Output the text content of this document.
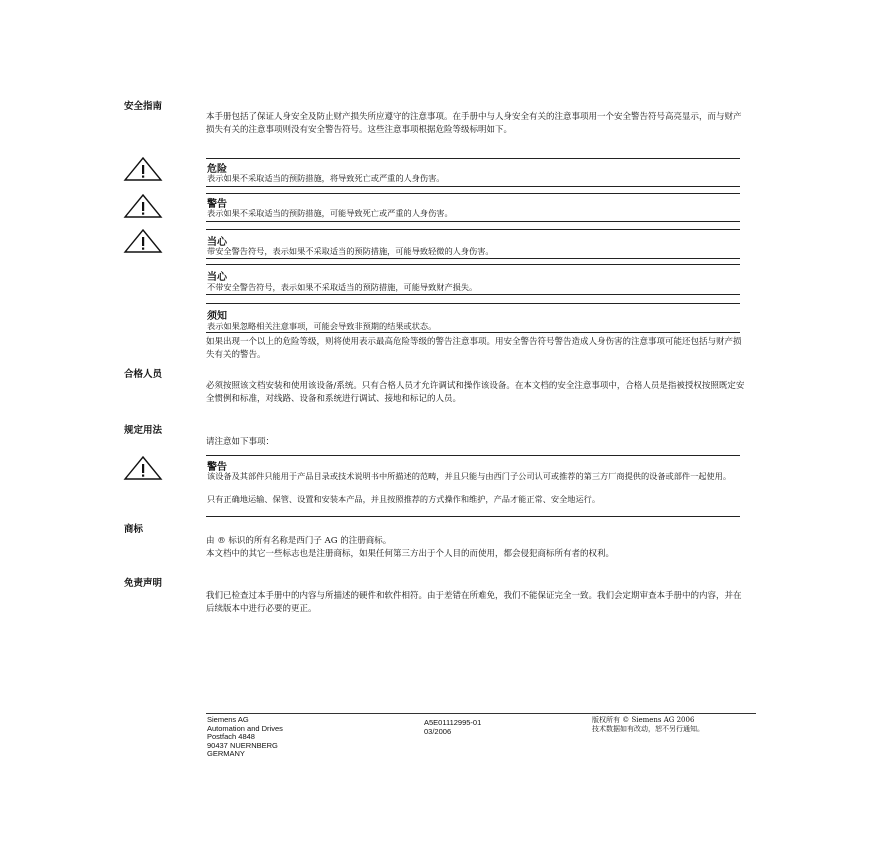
安全指南
本手册包括了保证人身安全及防止财产损失所应遵守的注意事项。在手册中与人身安全有关的注意事项用一个安全警告符号高亮显示，而与财产损失有关的注意事项则没有安全警告符号。这些注意事项根据危险等级标明如下。
危险
表示如果不采取适当的预防措施，将导致死亡或严重的人身伤害。
警告
表示如果不采取适当的预防措施，可能导致死亡或严重的人身伤害。
当心
带安全警告符号，表示如果不采取适当的预防措施，可能导致轻微的人身伤害。
当心
不带安全警告符号，表示如果不采取适当的预防措施，可能导致财产损失。
须知
表示如果忽略相关注意事项，可能会导致非预期的结果或状态。
如果出现一个以上的危险等级，则将使用表示最高危险等级的警告注意事项。用安全警告符号警告造成人身伤害的注意事项可能还包括与财产损失有关的警告。
合格人员
必须按照该文档安装和使用该设备/系统。只有合格人员才允许调试和操作该设备。在本文档的安全注意事项中，合格人员是指被授权按照既定安全惯例和标准，对线路、设备和系统进行调试、接地和标记的人员。
规定用法
请注意如下事项：
警告
该设备及其部件只能用于产品目录或技术说明书中所描述的范畴，并且只能与由西门子公司认可或推荐的第三方厂商提供的设备或部件一起使用。
只有正确地运输、保管、设置和安装本产品，并且按照推荐的方式操作和维护，产品才能正常、安全地运行。
商标
由 ® 标识的所有名称是西门子 AG 的注册商标。
本文档中的其它一些标志也是注册商标，如果任何第三方出于个人目的而使用，都会侵犯商标所有者的权利。
免责声明
我们已检查过本手册中的内容与所描述的硬件和软件相符。由于差错在所难免，我们不能保证完全一致。我们会定期审查本手册中的内容，并在后续版本中进行必要的更正。
Siemens AG
Automation and Drives
Postfach 4848
90437 NUERNBERG
GERMANY
A5E01112995-01
03/2006
版权所有 © Siemens AG 2006
技术数据如有改动，恕不另行通知。
